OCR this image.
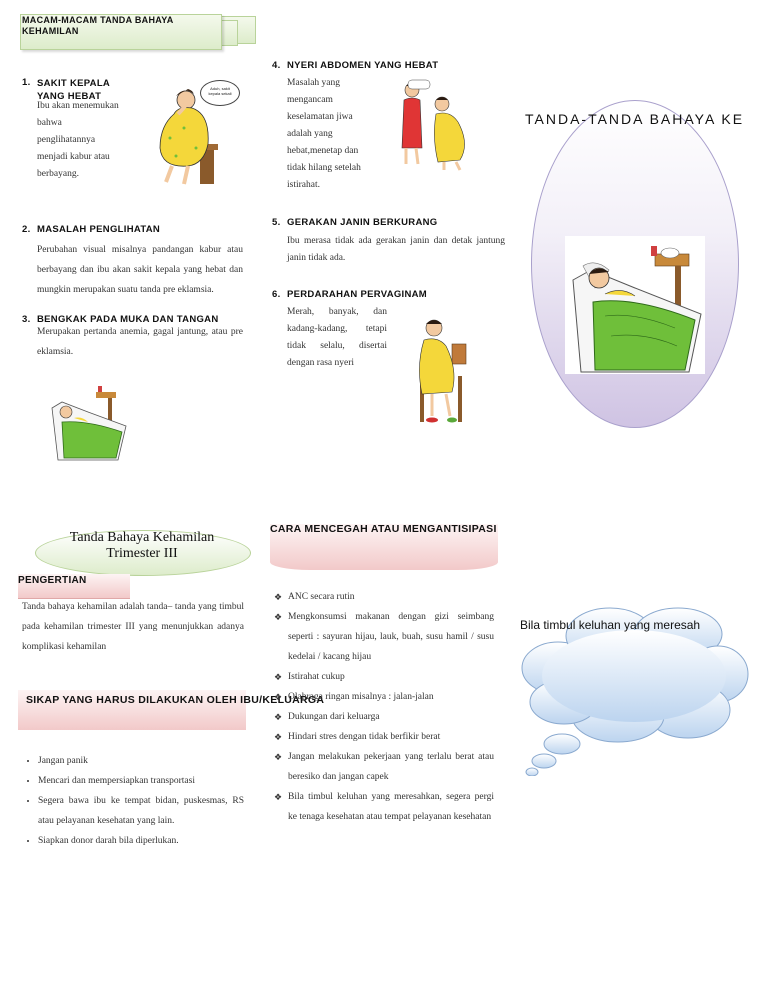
MACAM-MACAM TANDA BAHAYA KEHAMILAN
1. SAKIT KEPALA YANG HEBAT
Ibu akan menemukan bahwa penglihatannya menjadi kabur atau berbayang.
Aduh, sakit kepala sekali
2. MASALAH PENGLIHATAN
Perubahan visual misalnya pandangan kabur atau berbayang dan ibu akan sakit kepala yang hebat dan mungkin merupakan suatu tanda pre eklamsia.
3. BENGKAK PADA MUKA DAN TANGAN
Merupakan pertanda anemia, gagal jantung, atau pre eklamsia.
4. NYERI ABDOMEN YANG HEBAT
Masalah yang mengancam keselamatan jiwa adalah yang hebat,menetap dan tidak hilang setelah istirahat.
5. GERAKAN JANIN BERKURANG
Ibu merasa tidak ada gerakan janin dan detak jantung janin tidak ada.
6. PERDARAHAN PERVAGINAM
Merah, banyak, dan kadang-kadang, tetapi tidak selalu, disertai dengan rasa nyeri
TANDA-TANDA BAHAYA KE
Tanda Bahaya Kehamilan Trimester III
PENGERTIAN
Tanda bahaya kehamilan adalah tanda– tanda yang timbul pada kehamilan trimester III yang menunjukkan adanya komplikasi kehamilan
SIKAP YANG HARUS DILAKUKAN OLEH IBU/KELUARGA
• Jangan panik
• Mencari dan mempersiapkan transportasi
• Segera bawa ibu ke tempat bidan, puskesmas, RS atau pelayanan kesehatan yang lain.
• Siapkan donor darah bila diperlukan.
CARA MENCEGAH ATAU MENGANTISIPASI
❖ ANC secara rutin
❖ Mengkonsumsi makanan dengan gizi seimbang seperti : sayuran hijau, lauk, buah, susu hamil / susu kedelai / kacang hijau
❖ Istirahat cukup
❖ Olahraga ringan misalnya : jalan-jalan
❖ Dukungan dari keluarga
❖ Hindari stres dengan tidak berfikir berat
❖ Jangan melakukan pekerjaan yang terlalu berat atau beresiko dan jangan capek
❖ Bila timbul keluhan yang meresahkan, segera pergi ke tenaga kesehatan atau tempat pelayanan kesehatan
Bila timbul keluhan yang meresah
